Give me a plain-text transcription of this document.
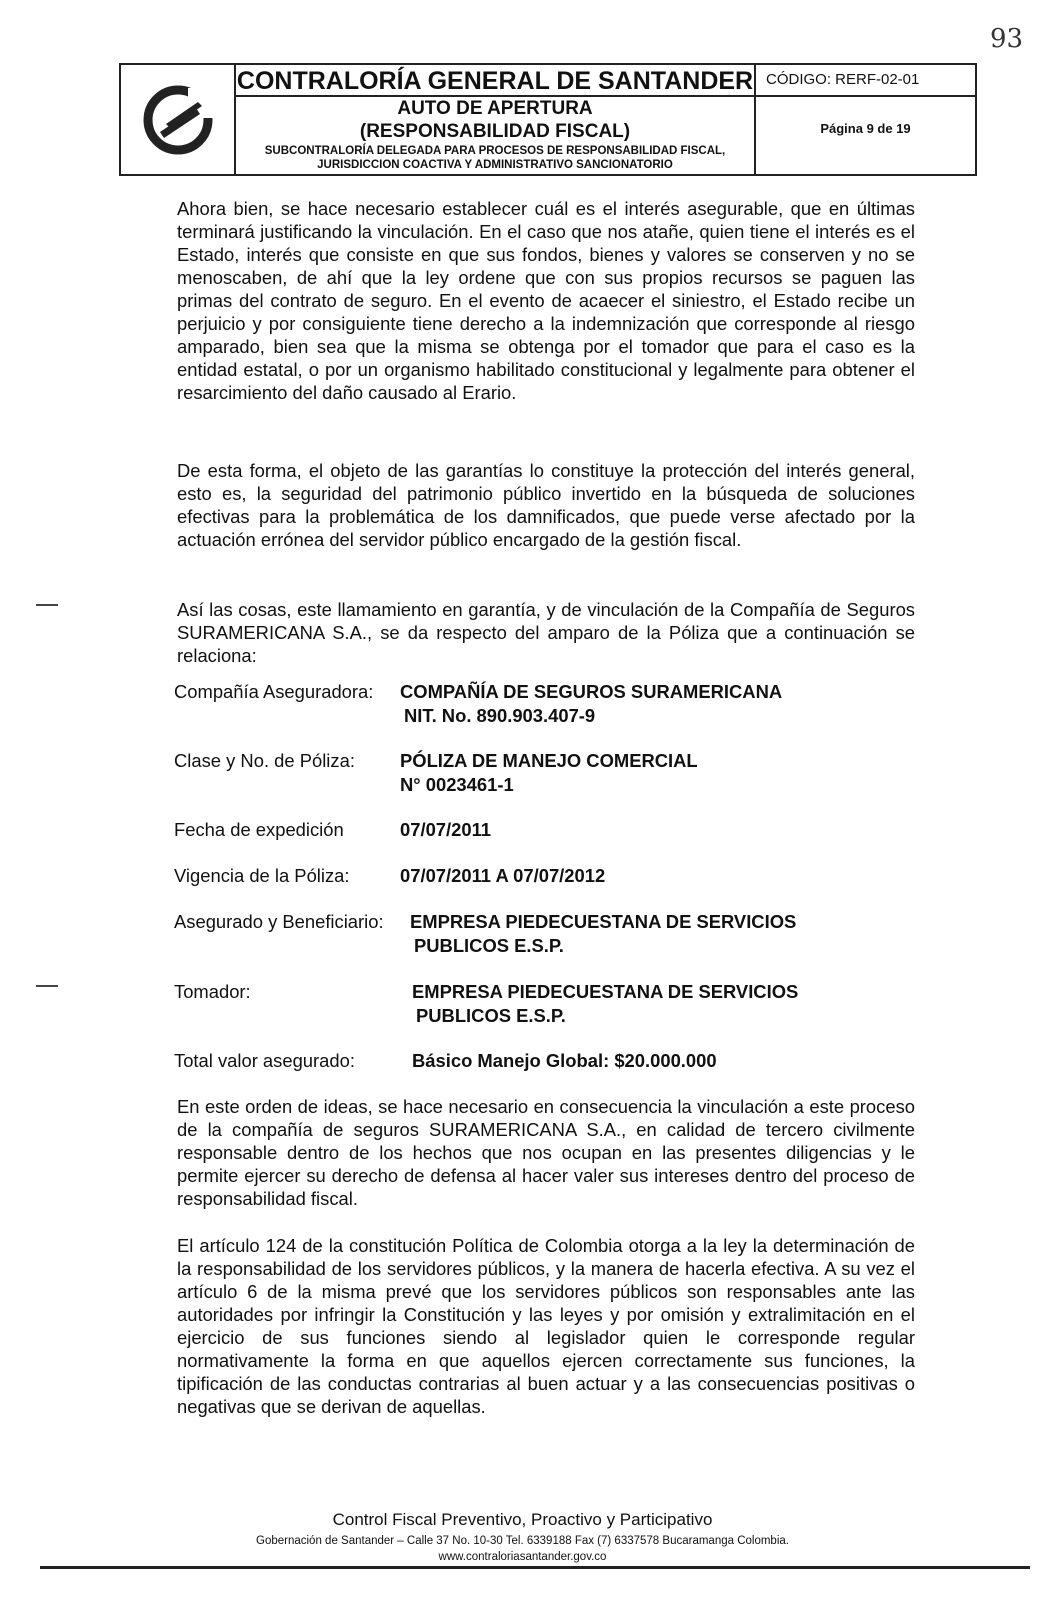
CONTRALORÍA GENERAL DE SANTANDER
AUTO DE APERTURA
(RESPONSABILIDAD FISCAL)
SUBCONTRALORÍA DELEGADA PARA PROCESOS DE RESPONSABILIDAD FISCAL, JURISDICCION COACTIVA Y ADMINISTRATIVO SANCIONATORIO
CÓDIGO: RERF-02-01
Página 9 de 19
93
Ahora bien, se hace necesario establecer cuál es el interés asegurable, que en últimas terminará justificando la vinculación. En el caso que nos atañe, quien tiene el interés es el Estado, interés que consiste en que sus fondos, bienes y valores se conserven y no se menoscaben, de ahí que la ley ordene que con sus propios recursos se paguen las primas del contrato de seguro. En el evento de acaecer el siniestro, el Estado recibe un perjuicio y por consiguiente tiene derecho a la indemnización que corresponde al riesgo amparado, bien sea que la misma se obtenga por el tomador que para el caso es la entidad estatal, o por un organismo habilitado constitucional y legalmente para obtener el resarcimiento del daño causado al Erario.
De esta forma, el objeto de las garantías lo constituye la protección del interés general, esto es, la seguridad del patrimonio público invertido en la búsqueda de soluciones efectivas para la problemática de los damnificados, que puede verse afectado por la actuación errónea del servidor público encargado de la gestión fiscal.
Así las cosas, este llamamiento en garantía, y de vinculación de la Compañía de Seguros SURAMERICANA S.A., se da respecto del amparo de la Póliza que a continuación se relaciona:
Compañía Aseguradora: COMPAÑÍA DE SEGUROS SURAMERICANA
NIT. No. 890.903.407-9
Clase y No. de Póliza: PÓLIZA DE MANEJO COMERCIAL
N° 0023461-1
Fecha de expedición	07/07/2011
Vigencia de la Póliza:	07/07/2011 A 07/07/2012
Asegurado y Beneficiario: EMPRESA PIEDECUESTANA DE SERVICIOS
PUBLICOS E.S.P.
Tomador:	EMPRESA PIEDECUESTANA DE SERVICIOS
PUBLICOS E.S.P.
Total valor asegurado:	Básico Manejo Global: $20.000.000
En este orden de ideas, se hace necesario en consecuencia la vinculación a este proceso de la compañía de seguros SURAMERICANA S.A., en calidad de tercero civilmente responsable dentro de los hechos que nos ocupan en las presentes diligencias y le permite ejercer su derecho de defensa al hacer valer sus intereses dentro del proceso de responsabilidad fiscal.
El artículo 124 de la constitución Política de Colombia otorga a la ley la determinación de la responsabilidad de los servidores públicos, y la manera de hacerla efectiva. A su vez el artículo 6 de la misma prevé que los servidores públicos son responsables ante las autoridades por infringir la Constitución y las leyes y por omisión y extralimitación en el ejercicio de sus funciones siendo al legislador quien le corresponde regular normativamente la forma en que aquellos ejercen correctamente sus funciones, la tipificación de las conductas contrarias al buen actuar y a las consecuencias positivas o negativas que se derivan de aquellas.
Control Fiscal Preventivo, Proactivo y Participativo
Gobernación de Santander – Calle 37 No. 10-30 Tel. 6339188 Fax (7) 6337578 Bucaramanga Colombia.
www.contraloriasantander.gov.co
